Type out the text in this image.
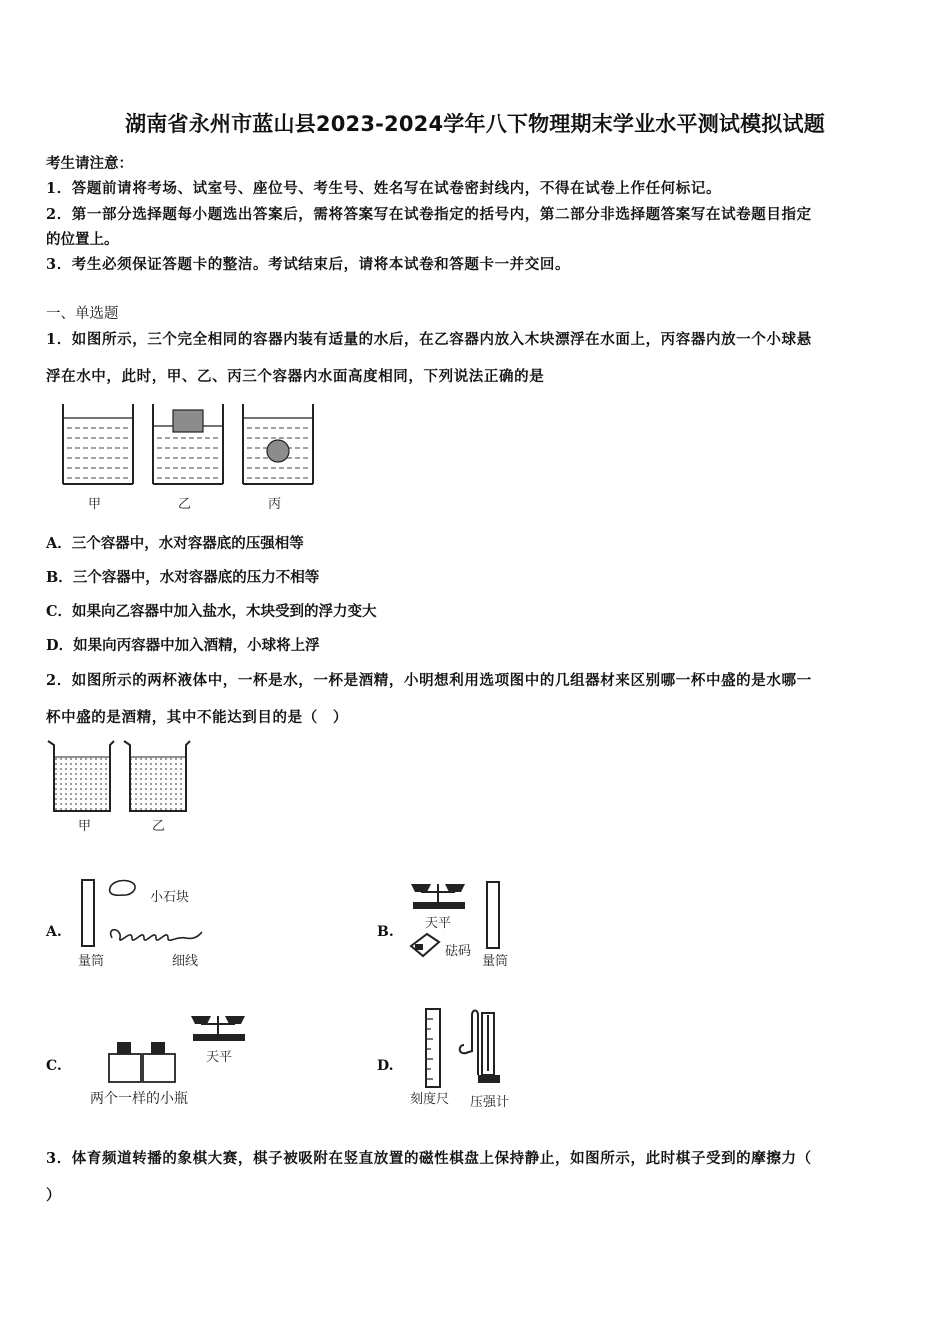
湖南省永州市蓝山县2023-2024学年八下物理期末学业水平测试模拟试题
考生请注意：
1．答题前请将考场、试室号、座位号、考生号、姓名写在试卷密封线内，不得在试卷上作任何标记。
2．第一部分选择题每小题选出答案后，需将答案写在试卷指定的括号内，第二部分非选择题答案写在试卷题目指定
的位置上。
3．考生必须保证答题卡的整洁。考试结束后，请将本试卷和答题卡一并交回。
一、单选题
1．如图所示，三个完全相同的容器内装有适量的水后，在乙容器内放入木块漂浮在水面上，丙容器内放一个小球悬
浮在水中，此时，甲、乙、丙三个容器内水面高度相同，下列说法正确的是
甲	乙	丙
A．三个容器中，水对容器底的压强相等
B．三个容器中，水对容器底的压力不相等
C．如果向乙容器中加入盐水，木块受到的浮力变大
D．如果向丙容器中加入酒精，小球将上浮
2．如图所示的两杯液体中，一杯是水，一杯是酒精，小明想利用选项图中的几组器材来区别哪一杯中盛的是水哪一
杯中盛的是酒精，其中不能达到目的是（　）
甲	乙
A.
小石块
量筒	细线
B.
天平
砝码
量筒
C.
天平
两个一样的小瓶
D.
刻度尺 压强计
3．体育频道转播的象棋大赛，棋子被吸附在竖直放置的磁性棋盘上保持静止，如图所示，此时棋子受到的摩擦力（
）
